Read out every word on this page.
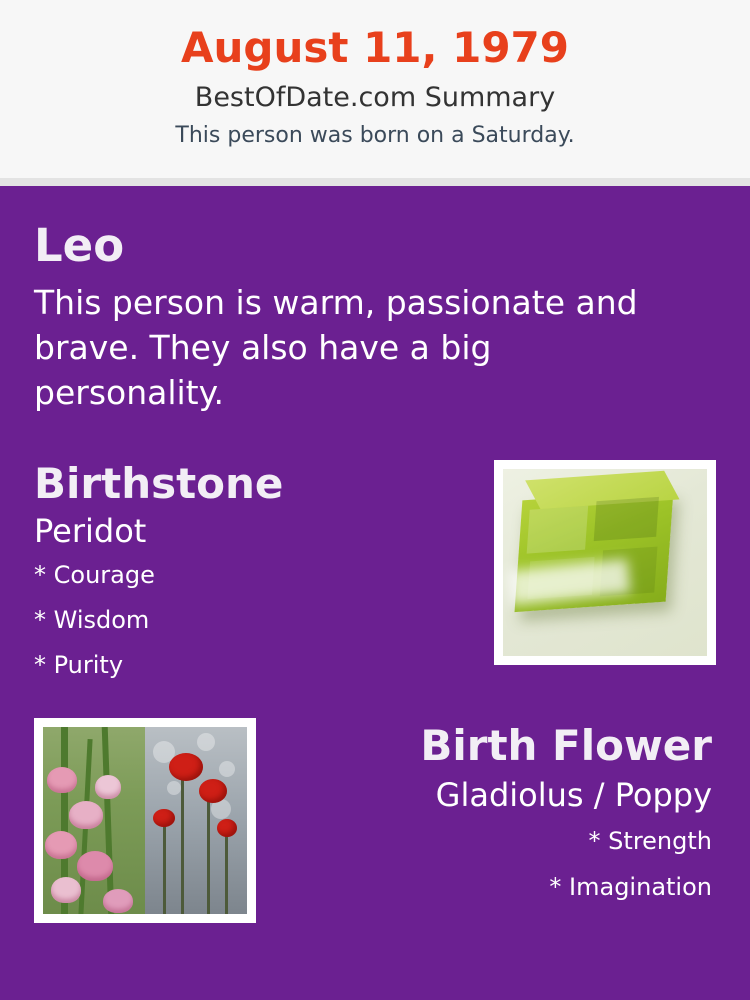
August 11, 1979
BestOfDate.com Summary
This person was born on a Saturday.
Leo
This person is warm, passionate and brave. They also have a big personality.
Birthstone
Peridot
* Courage
* Wisdom
* Purity
Birth Flower
Gladiolus / Poppy
* Strength
* Imagination
